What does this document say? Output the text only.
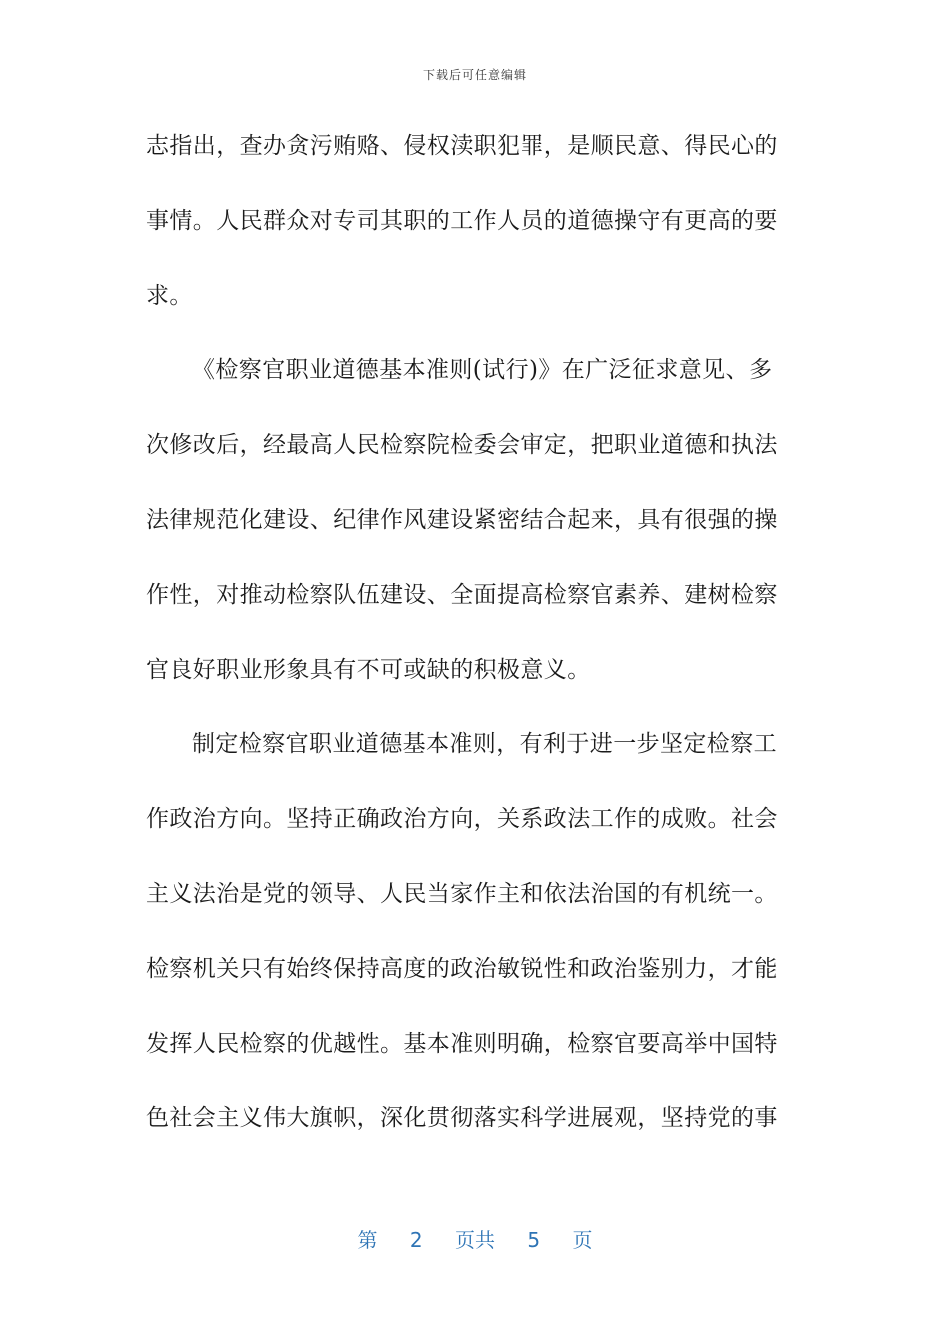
下载后可任意编辑
志指出，查办贪污贿赂、侵权渎职犯罪，是顺民意、得民心的
事情。人民群众对专司其职的工作人员的道德操守有更高的要
求。
《检察官职业道德基本准则(试行)》在广泛征求意见、多
次修改后，经最高人民检察院检委会审定，把职业道德和执法
法律规范化建设、纪律作风建设紧密结合起来，具有很强的操
作性，对推动检察队伍建设、全面提高检察官素养、建树检察
官良好职业形象具有不可或缺的积极意义。
制定检察官职业道德基本准则，有利于进一步坚定检察工
作政治方向。坚持正确政治方向，关系政法工作的成败。社会
主义法治是党的领导、人民当家作主和依法治国的有机统一。
检察机关只有始终保持高度的政治敏锐性和政治鉴别力，才能
发挥人民检察的优越性。基本准则明确，检察官要高举中国特
色社会主义伟大旗帜，深化贯彻落实科学进展观，坚持党的事
第 2 页共 5 页
